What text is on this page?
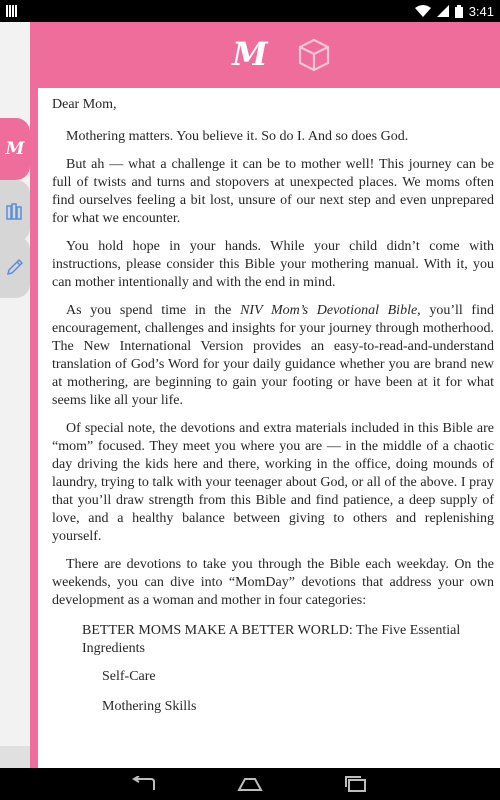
3:41
M
M

Dear Mom,

Mothering matters. You believe it. So do I. And so does God.

But ah — what a challenge it can be to mother well! This journey can be full of twists and turns and stopovers at unexpected places. We moms often find ourselves feeling a bit lost, unsure of our next step and even unprepared for what we encounter.

You hold hope in your hands. While your child didn’t come with instructions, please consider this Bible your mothering manual. With it, you can mother intentionally and with the end in mind.

As you spend time in the NIV Mom’s Devotional Bible, you’ll find encouragement, challenges and insights for your journey through motherhood. The New International Version provides an easy-to-read-and-understand translation of God’s Word for your daily guidance whether you are brand new at mothering, are beginning to gain your footing or have been at it for what seems like all your life.

Of special note, the devotions and extra materials included in this Bible are “mom” focused. They meet you where you are — in the middle of a chaotic day driving the kids here and there, working in the office, doing mounds of laundry, trying to talk with your teenager about God, or all of the above. I pray that you’ll draw strength from this Bible and find patience, a deep supply of love, and a healthy balance between giving to others and replenishing yourself.

There are devotions to take you through the Bible each weekday. On the weekends, you can dive into “MomDay” devotions that address your own development as a woman and mother in four categories:

BETTER MOMS MAKE A BETTER WORLD: The Five Essential Ingredients

Self-Care

Mothering Skills
